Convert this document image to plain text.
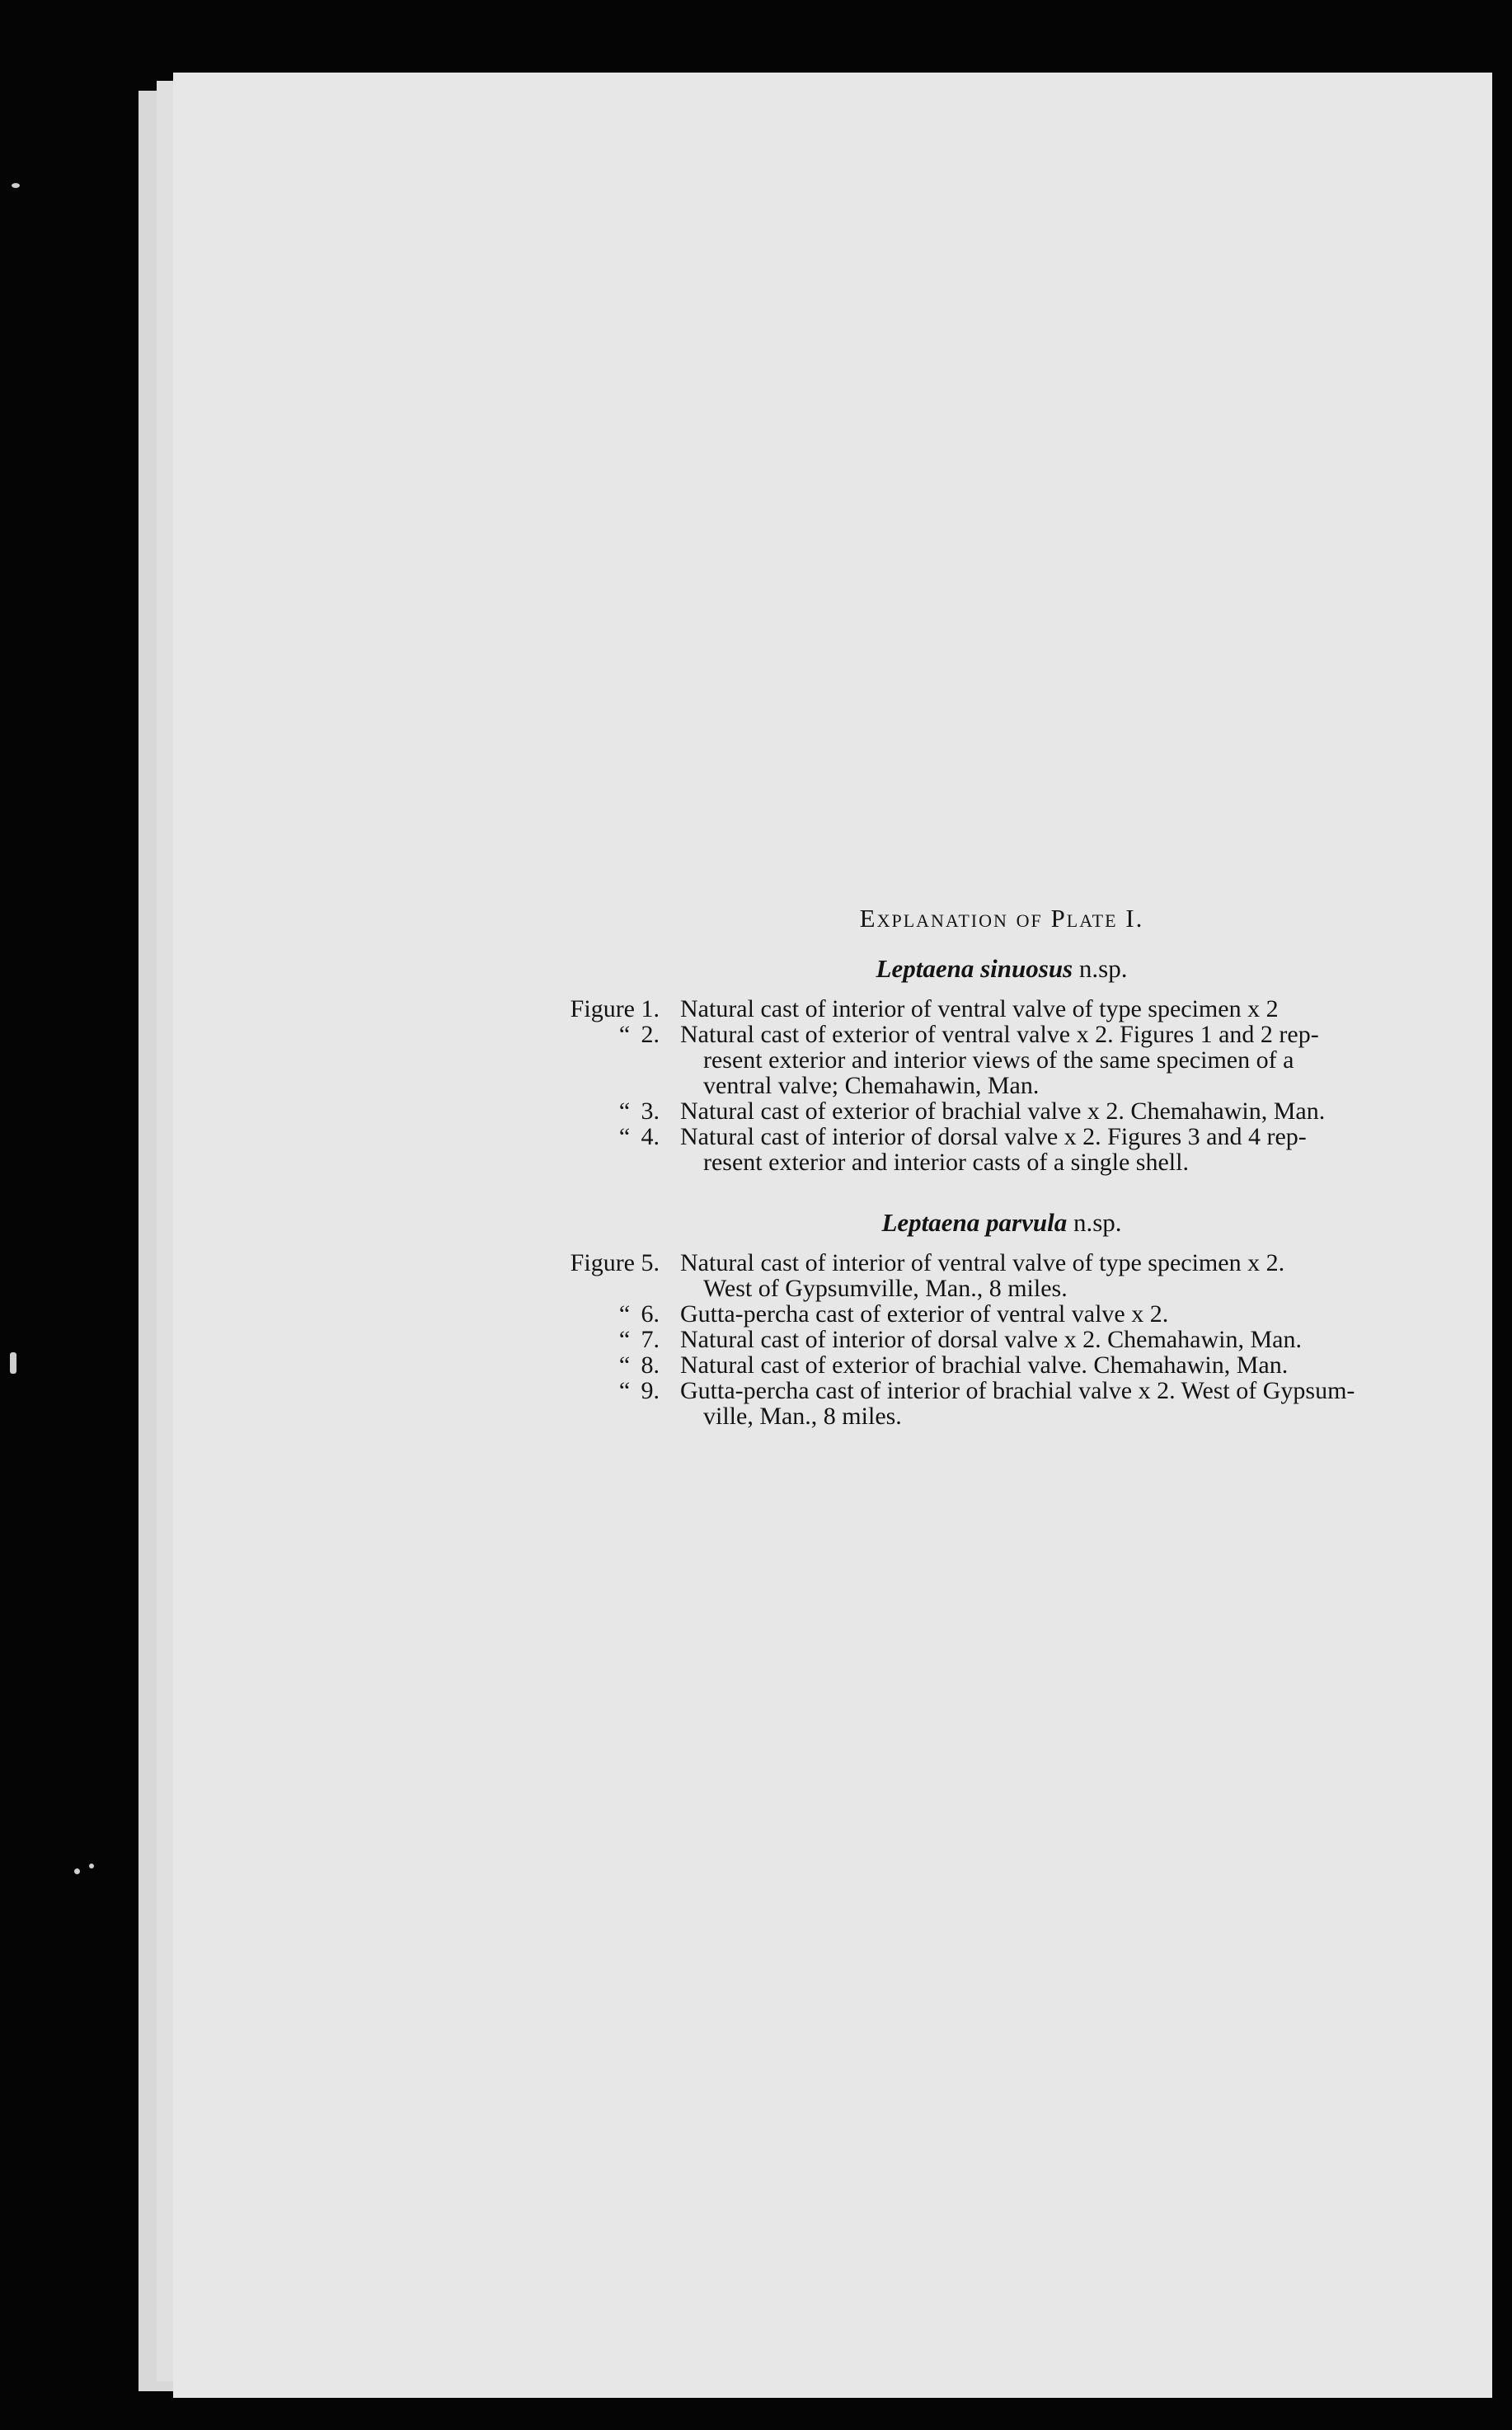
Explanation of Plate I.
Leptaena sinuosus n.sp.
Figure 1. Natural cast of interior of ventral valve of type specimen x 2
“ 2. Natural cast of exterior of ventral valve x 2. Figures 1 and 2 rep-
resent exterior and interior views of the same specimen of a
ventral valve; Chemahawin, Man.
“ 3. Natural cast of exterior of brachial valve x 2. Chemahawin, Man.
“ 4. Natural cast of interior of dorsal valve x 2. Figures 3 and 4 rep-
resent exterior and interior casts of a single shell.
Leptaena parvula n.sp.
Figure 5. Natural cast of interior of ventral valve of type specimen x 2.
West of Gypsumville, Man., 8 miles.
“ 6. Gutta-percha cast of exterior of ventral valve x 2.
“ 7. Natural cast of interior of dorsal valve x 2. Chemahawin, Man.
“ 8. Natural cast of exterior of brachial valve. Chemahawin, Man.
“ 9. Gutta-percha cast of interior of brachial valve x 2. West of Gypsum-
ville, Man., 8 miles.
